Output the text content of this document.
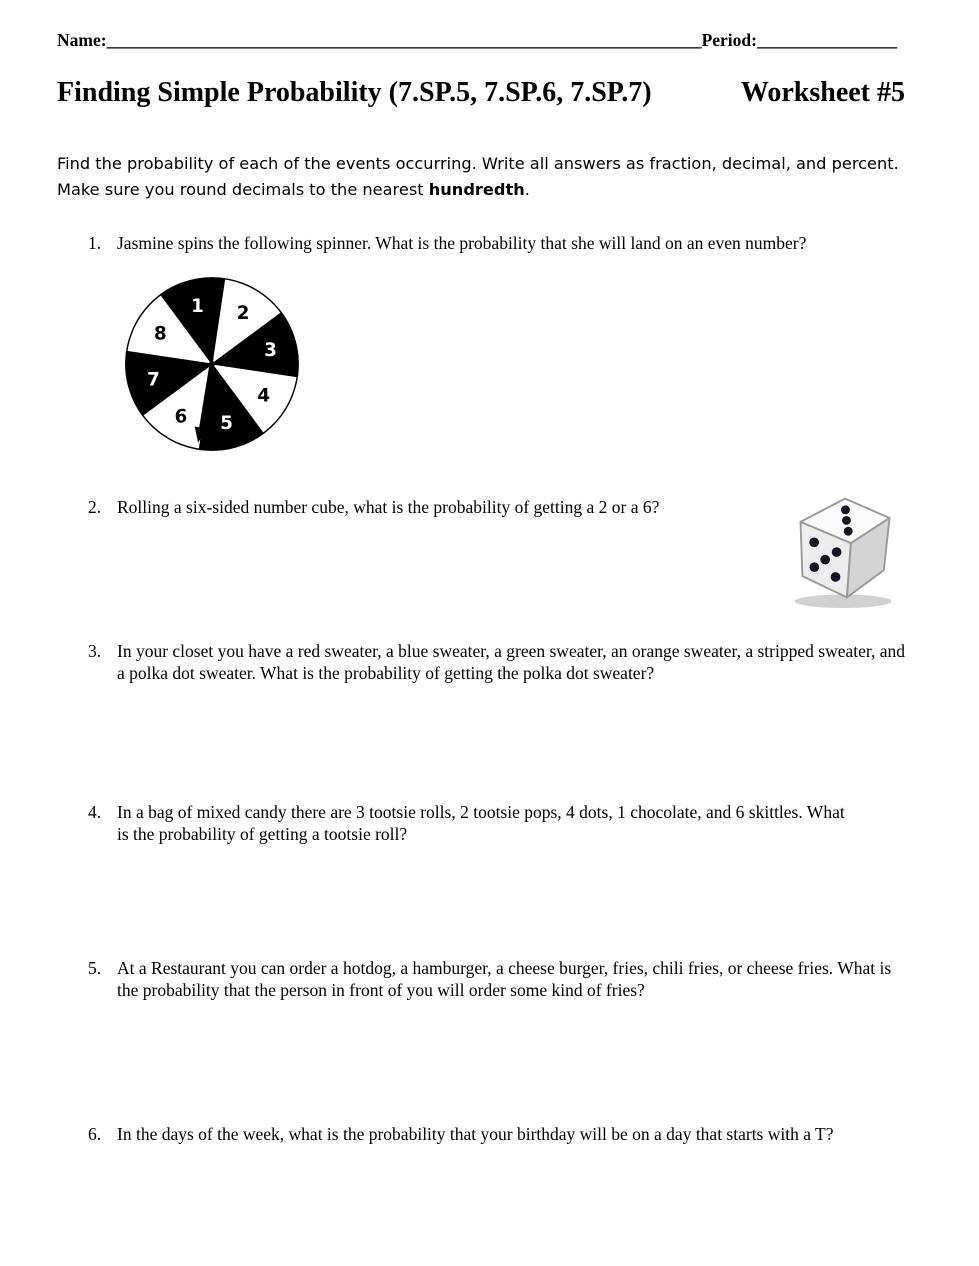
Name: ____________________________________________________________________ Period: ________________
Finding Simple Probability (7.SP.5, 7.SP.6, 7.SP.7)	Worksheet #5
Find the probability of each of the events occurring. Write all answers as fraction, decimal, and percent. Make sure you round decimals to the nearest hundredth.
1. Jasmine spins the following spinner. What is the probability that she will land on an even number?
1 2
3
4
5
6
7
8
2. Rolling a six-sided number cube, what is the probability of getting a 2 or a 6?
3. In your closet you have a red sweater, a blue sweater, a green sweater, an orange sweater, a stripped sweater, and a polka dot sweater. What is the probability of getting the polka dot sweater?
4. In a bag of mixed candy there are 3 tootsie rolls, 2 tootsie pops, 4 dots, 1 chocolate, and 6 skittles. What is the probability of getting a tootsie roll?
5. At a Restaurant you can order a hotdog, a hamburger, a cheese burger, fries, chili fries, or cheese fries. What is the probability that the person in front of you will order some kind of fries?
6. In the days of the week, what is the probability that your birthday will be on a day that starts with a T?
